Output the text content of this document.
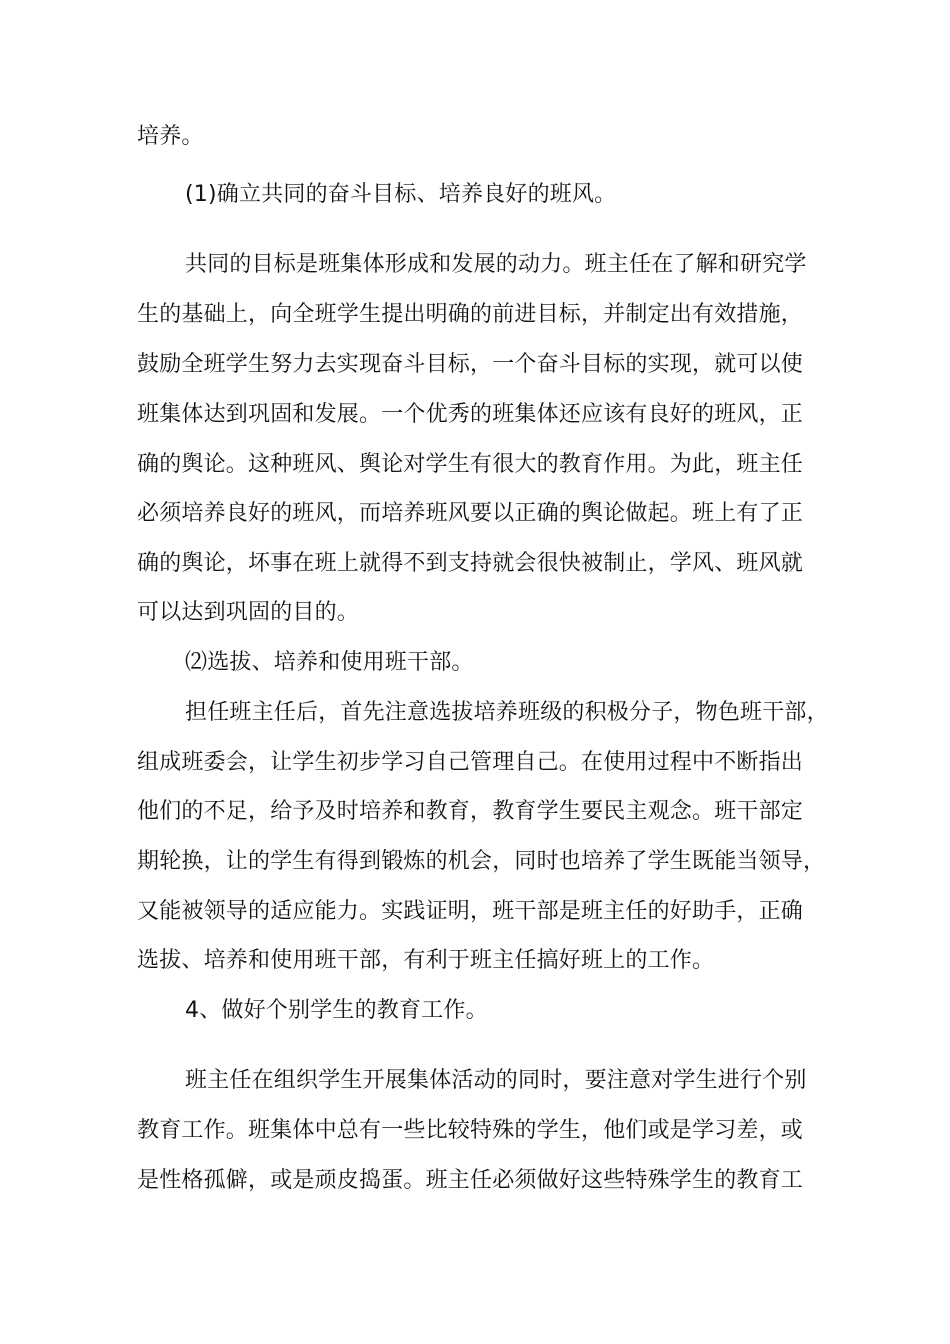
培养。
(1)确立共同的奋斗目标、培养良好的班风。
共同的目标是班集体形成和发展的动力。班主任在了解和研究学
生的基础上，向全班学生提出明确的前进目标，并制定出有效措施，
鼓励全班学生努力去实现奋斗目标，一个奋斗目标的实现，就可以使
班集体达到巩固和发展。一个优秀的班集体还应该有良好的班风，正
确的舆论。这种班风、舆论对学生有很大的教育作用。为此，班主任
必须培养良好的班风，而培养班风要以正确的舆论做起。班上有了正
确的舆论，坏事在班上就得不到支持就会很快被制止，学风、班风就
可以达到巩固的目的。
⑵选拔、培养和使用班干部。
担任班主任后，首先注意选拔培养班级的积极分子，物色班干部，
组成班委会，让学生初步学习自己管理自己。在使用过程中不断指出
他们的不足，给予及时培养和教育，教育学生要民主观念。班干部定
期轮换，让的学生有得到锻炼的机会，同时也培养了学生既能当领导，
又能被领导的适应能力。实践证明，班干部是班主任的好助手，正确
选拔、培养和使用班干部，有利于班主任搞好班上的工作。
4、做好个别学生的教育工作。
班主任在组织学生开展集体活动的同时，要注意对学生进行个别
教育工作。班集体中总有一些比较特殊的学生，他们或是学习差，或
是性格孤僻，或是顽皮捣蛋。班主任必须做好这些特殊学生的教育工
